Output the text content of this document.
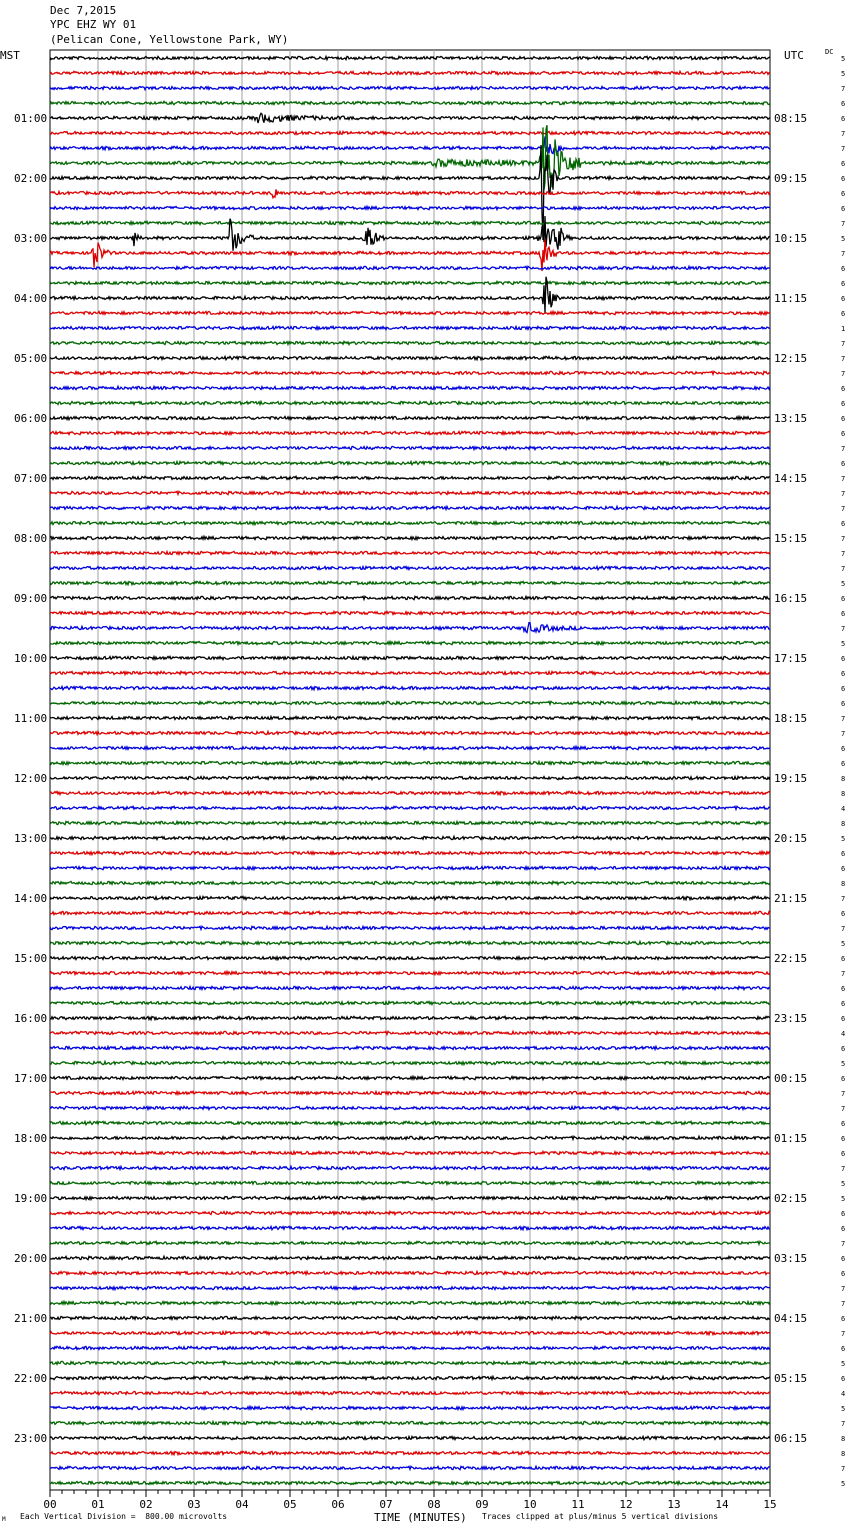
Dec 7,2015
YPC EHZ WY 01
(Pelican Cone, Yellowstone Park, WY)
MST	UTC	DC
5
5
7
6
6
7
7
6
6
6
6
7
5
7
6
6
6
6
1
7
7
7
6
6
6
6
7
6
7
7
7
6
7
7
7
5
6
6
7
5
6
6
6
6
7
7
6
6
8
8
4
8
5
6
6
8
7
6
7
5
6
7
6
6
6
4
6
5
6
7
7
6
6
6
7
5
5
6
6
7
6
6
7
7
6
7
6
5
6
4
5
7
8
8
7
5
01:00	08:15
02:00	09:15
03:00	10:15
04:00	11:15
05:00	12:15
06:00	13:15
07:00	14:15
08:00	15:15
09:00	16:15
10:00	17:15
11:00	18:15
12:00	19:15
13:00	20:15
14:00	21:15
15:00	22:15
16:00	23:15
17:00	00:15
18:00	01:15
19:00	02:15
20:00	03:15
21:00	04:15
22:00	05:15
23:00	06:15
00	01	02	03	04	05	06	07	08	09	10	11	12	13	14	15
TIME (MINUTES)
Each Vertical Division =  800.00 microvolts	Traces clipped at plus/minus 5 vertical divisions
M
